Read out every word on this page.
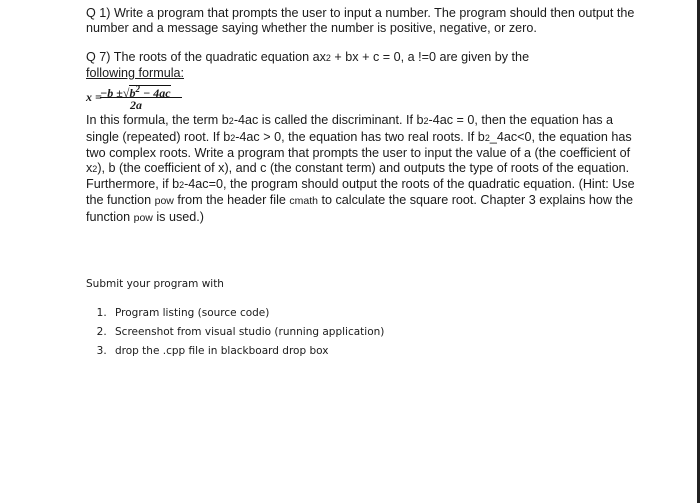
Q 1) Write a program that prompts the user to input a number. The program should then output the number and a message saying whether the number is positive, negative, or zero.

Q 7) The roots of the quadratic equation ax2 + bx + c = 0, a !=0 are given by the

following formula:

x =
$-b \pm√b^2 - 4ac$
2a

In this formula, the term b2-4ac is called the discriminant. If b2-4ac = 0, then the equation has a single (repeated) root. If b2-4ac > 0, the equation has two real roots. If b2_4ac<0, the equation has two complex roots. Write a program that prompts the user to input the value of a (the coefficient of x2), b (the coefficient of x), and c (the constant term) and outputs the type of roots of the equation. Furthermore, if b2-4ac=0, the program should output the roots of the quadratic equation. (Hint: Use the function pow from the header file cmath to calculate the square root. Chapter 3 explains how the function pow is used.)

Submit your program with

1. Program listing (source code)
2. Screenshot from visual studio (running application)
3. drop the .cpp file in blackboard drop box
